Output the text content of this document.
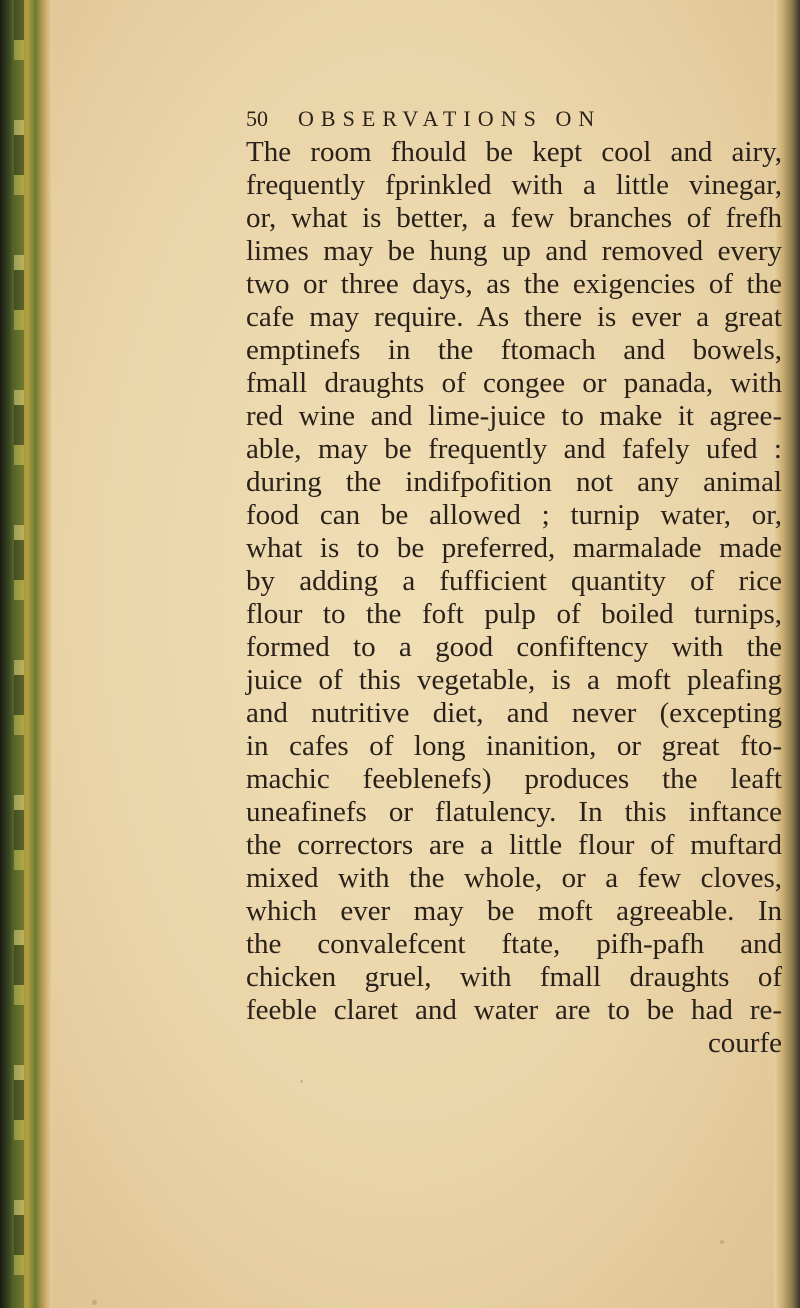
50 OBSERVATIONS ON
The room fhould be kept cool and airy,
frequently fprinkled with a little vinegar,
or, what is better, a few branches of frefh
limes may be hung up and removed every
two or three days, as the exigencies of the
cafe may require. As there is ever a great
emptinefs in the ftomach and bowels,
fmall draughts of congee or panada, with
red wine and lime-juice to make it agree-
able, may be frequently and fafely ufed :
during the indifpofition not any animal
food can be allowed ; turnip water, or,
what is to be preferred, marmalade made
by adding a fufficient quantity of rice
flour to the foft pulp of boiled turnips,
formed to a good confiftency with the
juice of this vegetable, is a moft pleafing
and nutritive diet, and never (excepting
in cafes of long inanition, or great fto-
machic feeblenefs) produces the leaft
uneafinefs or flatulency. In this inftance
the correctors are a little flour of muftard
mixed with the whole, or a few cloves,
which ever may be moft agreeable. In
the convalefcent ftate, pifh-pafh and
chicken gruel, with fmall draughts of
feeble claret and water are to be had re-
courfe
